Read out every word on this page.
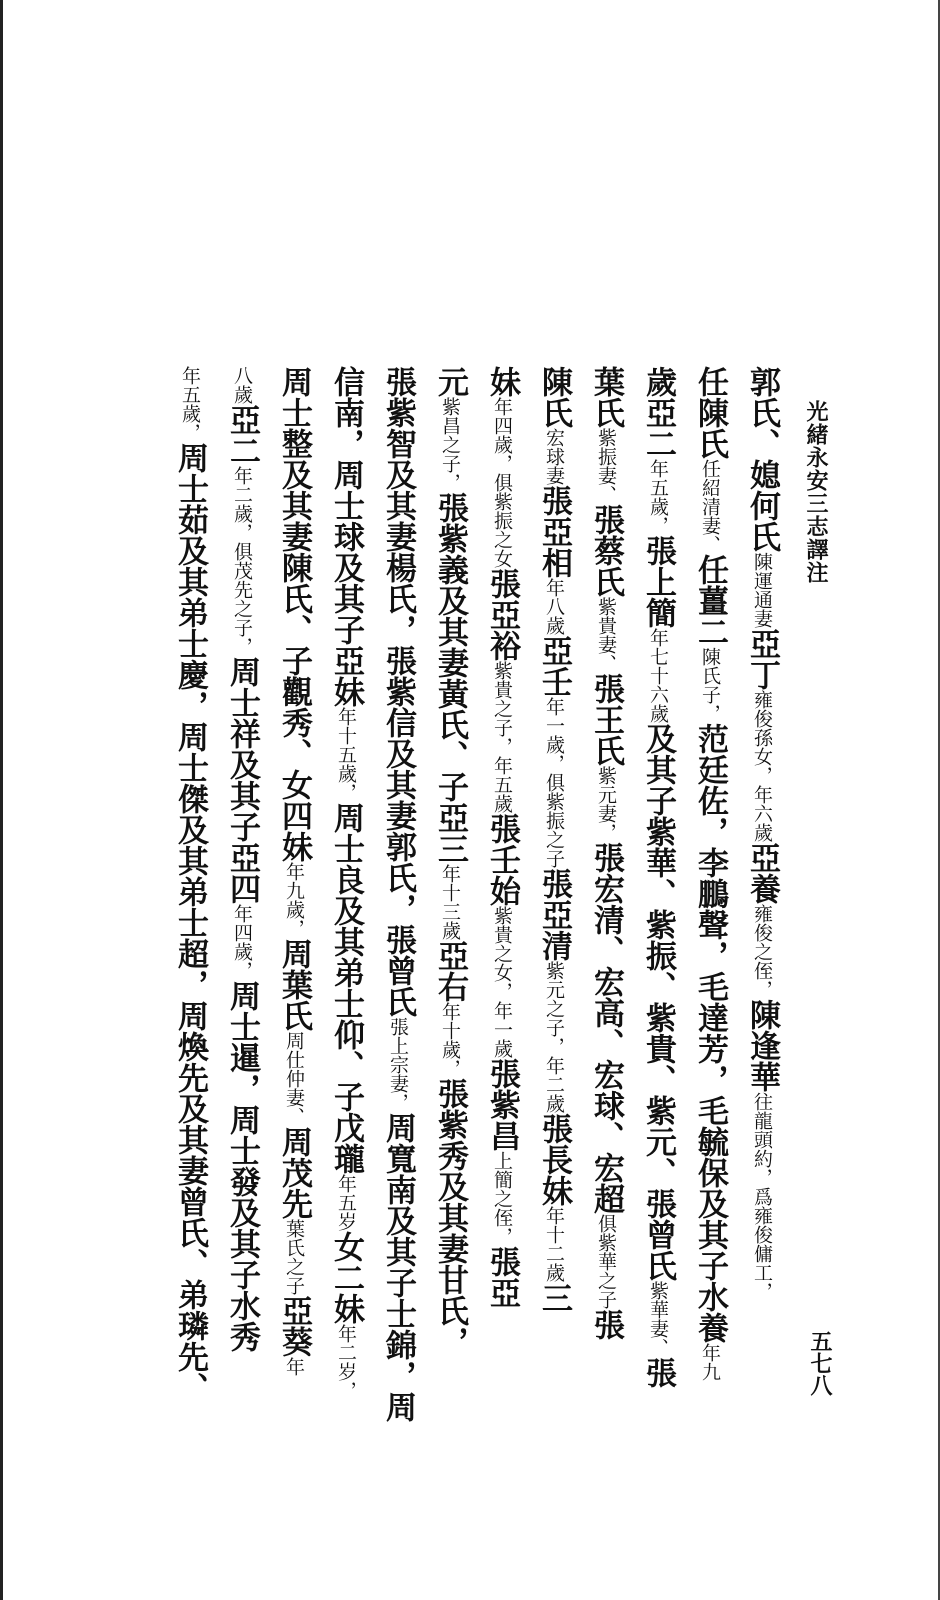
光緒永安三志譯注
五七八
郭氏、媳何氏陳運通妻亞丁雍俊孫女，年六歲亞養雍俊之侄，陳逢華往龍頭約，爲雍俊傭工，
任陳氏任紹清妻、任薑二陳氏子，范廷佐，李鵬聲，毛達芳，毛毓保及其子水養年九
歲亞二年五歲，張上簡年七十六歲及其子紫華、紫振、紫貴、紫元、張曾氏紫華妻、張
葉氏紫振妻、張蔡氏紫貴妻、張王氏紫元妻，張宏清、宏高、宏球、宏超俱紫華之子張
陳氏宏球妻張亞相年八歲亞壬年一歲，俱紫振之子張亞清紫元之子，年二歲張長妹年十二歲三
妹年四歲，俱紫振之女張亞裕紫貴之子，年五歲張壬始紫貴之女，年一歲張紫昌上簡之侄，張亞
元紫昌之子，張紫義及其妻黃氏、子亞三年十三歲亞右年十歲，張紫秀及其妻甘氏，
張紫智及其妻楊氏，張紫信及其妻郭氏，張曾氏張上宗妻，周寬南及其子士錦，周
信南，周士球及其子亞妹年十五歲，周士良及其弟士仰、子戊瓏年五岁女二妹年二岁，
周士整及其妻陳氏、子觀秀、女四妹年九歲，周葉氏周仕仲妻、周茂先葉氏之子亞葵年
八歲亞二年二歲，俱茂先之子，周士祥及其子亞四年四歲，周士暹，周士發及其子水秀
年五歲，周士茹及其弟士慶，周士傑及其弟士超，周煥先及其妻曾氏、弟璘先、
